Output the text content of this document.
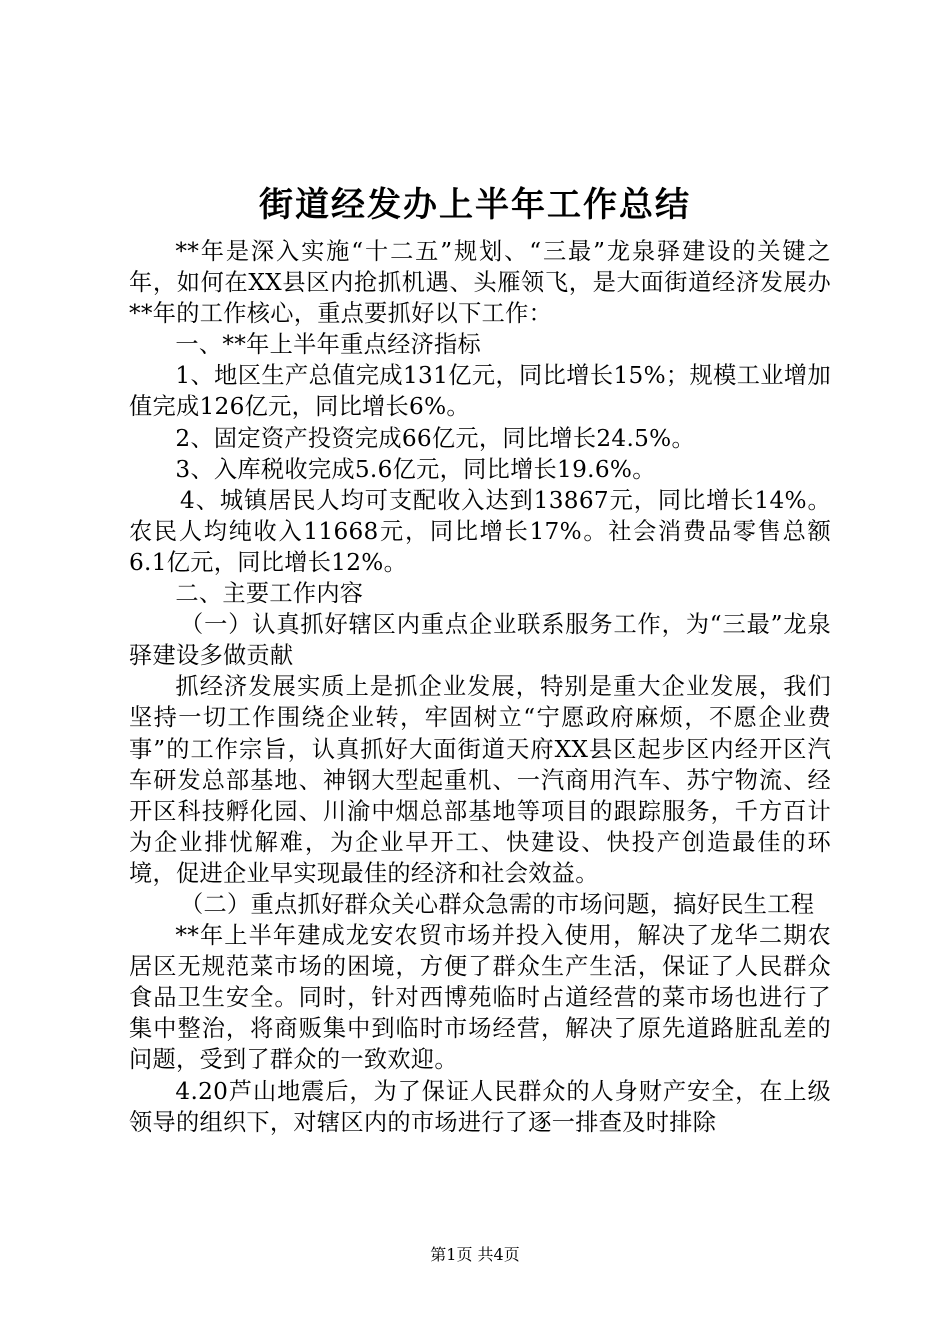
街道经发办上半年工作总结

**年是深入实施“十二五”规划、“三最”龙泉驿建设的关键之年，如何在XX县区内抢抓机遇、头雁领飞，是大面街道经济发展办**年的工作核心，重点要抓好以下工作：

一、**年上半年重点经济指标

1、地区生产总值完成131亿元，同比增长15%；规模工业增加值完成126亿元，同比增长6%。

2、固定资产投资完成66亿元，同比增长24.5%。

3、入库税收完成5.6亿元，同比增长19.6%。

4、城镇居民人均可支配收入达到13867元，同比增长14%。农民人均纯收入11668元，同比增长17%。社会消费品零售总额6.1亿元，同比增长12%。

二、主要工作内容

（一）认真抓好辖区内重点企业联系服务工作，为“三最”龙泉驿建设多做贡献

抓经济发展实质上是抓企业发展，特别是重大企业发展，我们坚持一切工作围绕企业转，牢固树立“宁愿政府麻烦，不愿企业费事”的工作宗旨，认真抓好大面街道天府XX县区起步区内经开区汽车研发总部基地、神钢大型起重机、一汽商用汽车、苏宁物流、经开区科技孵化园、川渝中烟总部基地等项目的跟踪服务，千方百计为企业排忧解难，为企业早开工、快建设、快投产创造最佳的环境，促进企业早实现最佳的经济和社会效益。

（二）重点抓好群众关心群众急需的市场问题，搞好民生工程

**年上半年建成龙安农贸市场并投入使用，解决了龙华二期农居区无规范菜市场的困境，方便了群众生产生活，保证了人民群众食品卫生安全。同时，针对西博苑临时占道经营的菜市场也进行了集中整治，将商贩集中到临时市场经营，解决了原先道路脏乱差的问题，受到了群众的一致欢迎。

4.20芦山地震后，为了保证人民群众的人身财产安全，在上级领导的组织下，对辖区内的市场进行了逐一排查及时排除

第1页 共4页
